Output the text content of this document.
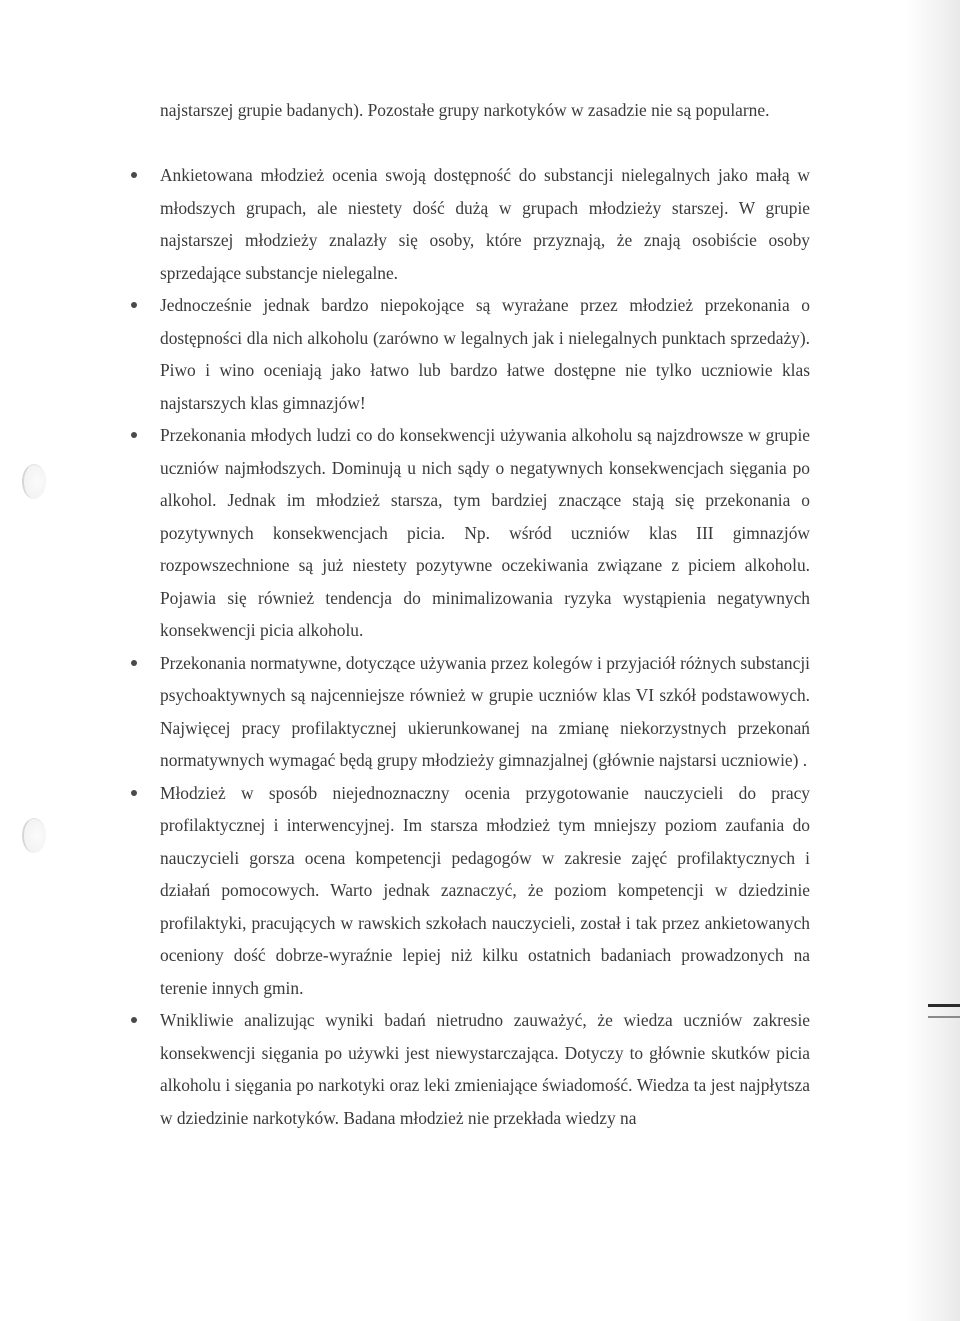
najstarszej grupie badanych). Pozostałe grupy narkotyków w zasadzie nie są popularne.

Ankietowana młodzież ocenia swoją dostępność do substancji nielegalnych jako małą w młodszych grupach, ale niestety dość dużą w grupach młodzieży starszej. W grupie najstarszej młodzieży znalazły się osoby, które przyznają, że znają osobiście osoby sprzedające substancje nielegalne.
Jednocześnie jednak bardzo niepokojące są wyrażane przez młodzież przekonania o dostępności dla nich alkoholu (zarówno w legalnych jak i nielegalnych punktach sprzedaży). Piwo i wino oceniają jako łatwo lub bardzo łatwe dostępne nie tylko uczniowie klas najstarszych klas gimnazjów!
Przekonania młodych ludzi co do konsekwencji używania alkoholu są najzdrowsze w grupie uczniów najmłodszych. Dominują u nich sądy o negatywnych konsekwencjach sięgania po alkohol. Jednak im młodzież starsza, tym bardziej znaczące stają się przekonania o pozytywnych konsekwencjach picia. Np. wśród uczniów klas III gimnazjów rozpowszechnione są już niestety pozytywne oczekiwania związane z piciem alkoholu. Pojawia się również tendencja do minimalizowania ryzyka wystąpienia negatywnych konsekwencji picia alkoholu.
Przekonania normatywne, dotyczące używania przez kolegów i przyjaciół różnych substancji psychoaktywnych są najcenniejsze również w grupie uczniów klas VI szkół podstawowych. Najwięcej pracy profilaktycznej ukierunkowanej na zmianę niekorzystnych przekonań normatywnych wymagać będą grupy młodzieży gimnazjalnej (głównie najstarsi uczniowie) .
Młodzież w sposób niejednoznaczny ocenia przygotowanie nauczycieli do pracy profilaktycznej i interwencyjnej. Im starsza młodzież tym mniejszy poziom zaufania do nauczycieli gorsza ocena kompetencji pedagogów w zakresie zajęć profilaktycznych i działań pomocowych. Warto jednak zaznaczyć, że poziom kompetencji w dziedzinie profilaktyki, pracujących w rawskich szkołach nauczycieli, został i tak przez ankietowanych oceniony dość dobrze-wyraźnie lepiej niż kilku ostatnich badaniach prowadzonych na terenie innych gmin.
Wnikliwie analizując wyniki badań nietrudno zauważyć, że wiedza uczniów zakresie konsekwencji sięgania po używki jest niewystarczająca. Dotyczy to głównie skutków picia alkoholu i sięgania po narkotyki oraz leki zmieniające świadomość. Wiedza ta jest najpłytsza w dziedzinie narkotyków. Badana młodzież nie przekłada wiedzy na
